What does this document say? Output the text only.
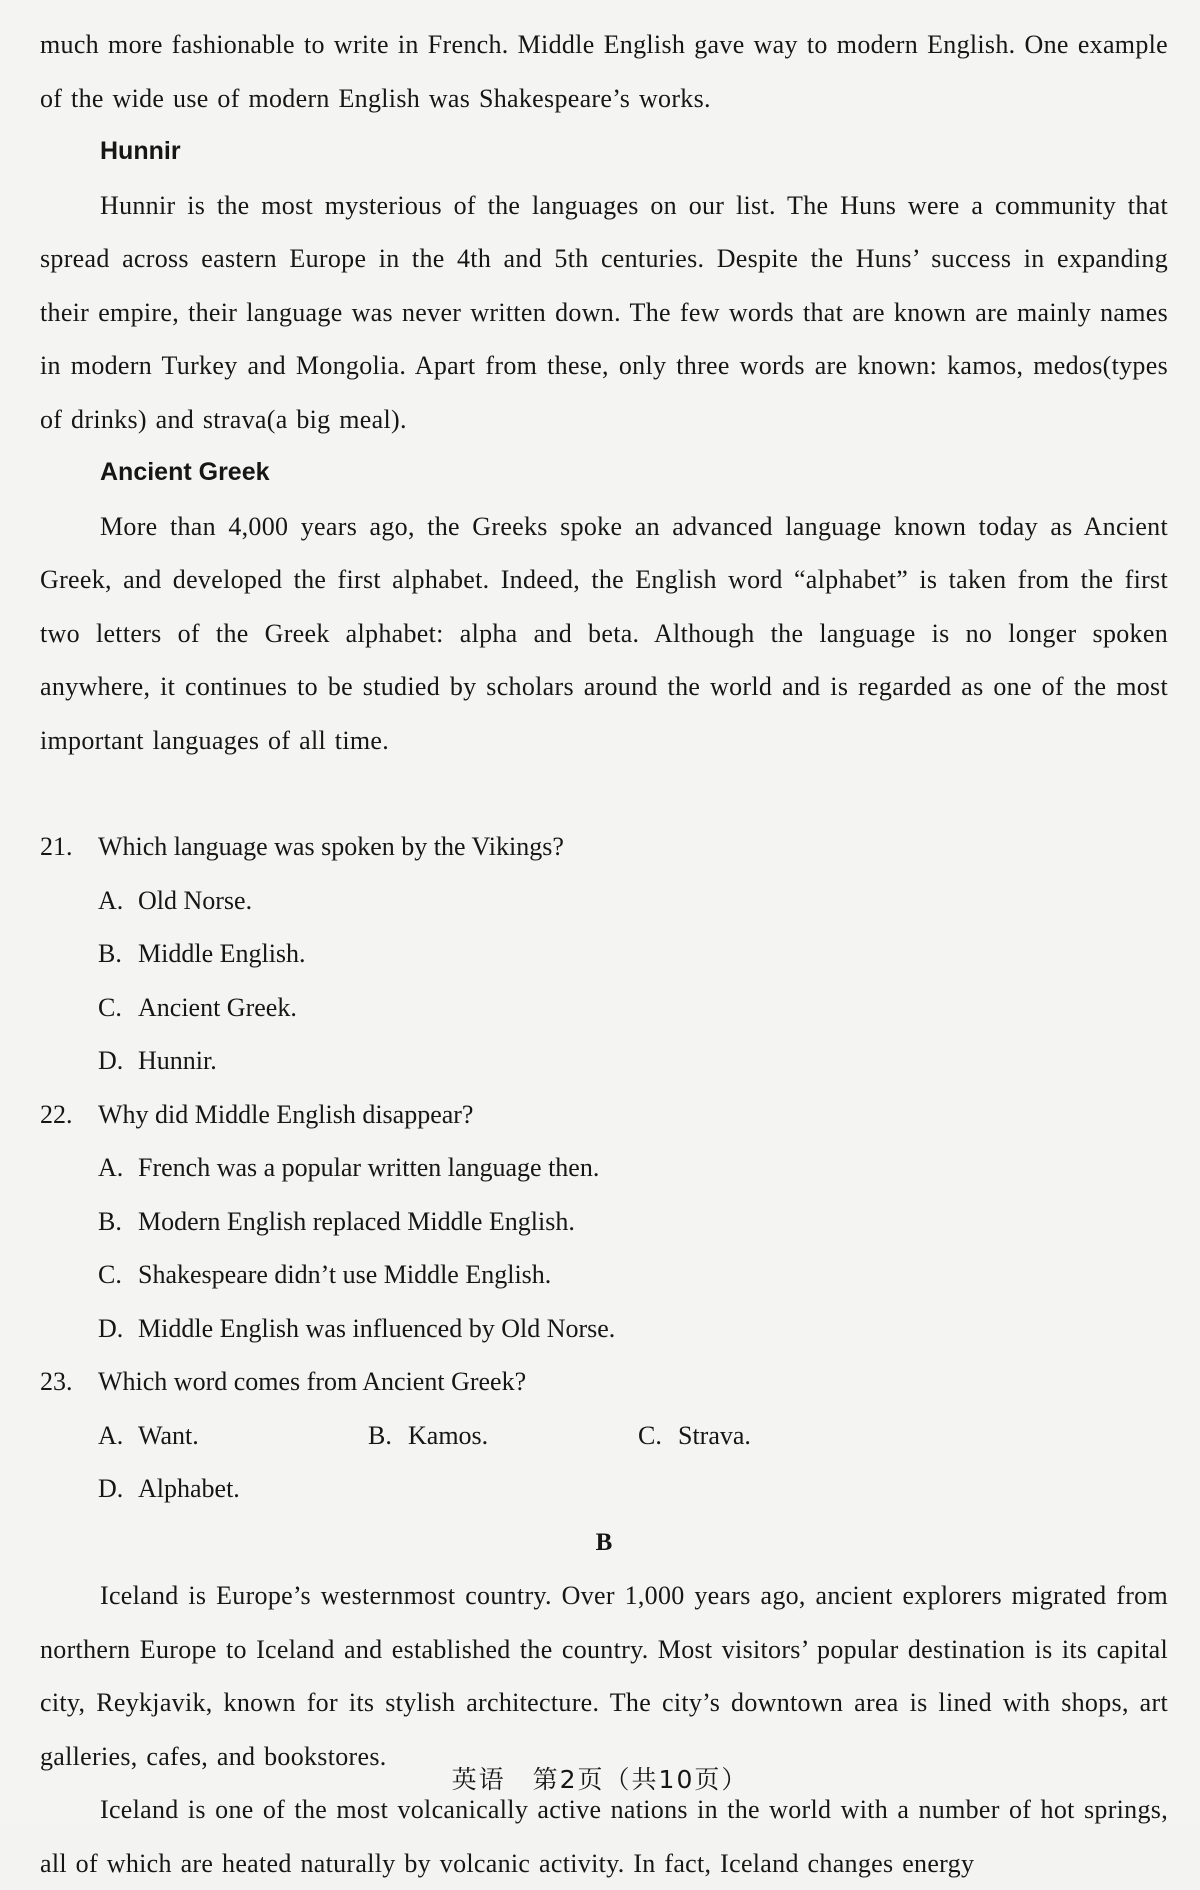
much more fashionable to write in French. Middle English gave way to modern English. One example of the wide use of modern English was Shakespeare’s works.

Hunnir

Hunnir is the most mysterious of the languages on our list. The Huns were a community that spread across eastern Europe in the 4th and 5th centuries. Despite the Huns’ success in expanding their empire, their language was never written down. The few words that are known are mainly names in modern Turkey and Mongolia. Apart from these, only three words are known: kamos, medos(types of drinks) and strava(a big meal).

Ancient Greek

More than 4,000 years ago, the Greeks spoke an advanced language known today as Ancient Greek, and developed the first alphabet. Indeed, the English word “alphabet” is taken from the first two letters of the Greek alphabet: alpha and beta. Although the language is no longer spoken anywhere, it continues to be studied by scholars around the world and is regarded as one of the most important languages of all time.

21. Which language was spoken by the Vikings?
A. Old Norse.
B. Middle English.
C. Ancient Greek.
D. Hunnir.
22. Why did Middle English disappear?
A. French was a popular written language then.
B. Modern English replaced Middle English.
C. Shakespeare didn’t use Middle English.
D. Middle English was influenced by Old Norse.
23. Which word comes from Ancient Greek?
A. Want.	B. Kamos.	C. Strava.
D. Alphabet.

B

Iceland is Europe’s westernmost country. Over 1,000 years ago, ancient explorers migrated from northern Europe to Iceland and established the country. Most visitors’ popular destination is its capital city, Reykjavik, known for its stylish architecture. The city’s downtown area is lined with shops, art galleries, cafes, and bookstores.

Iceland is one of the most volcanically active nations in the world with a number of hot springs, all of which are heated naturally by volcanic activity. In fact, Iceland changes energy

英语　第2页（共10页）
